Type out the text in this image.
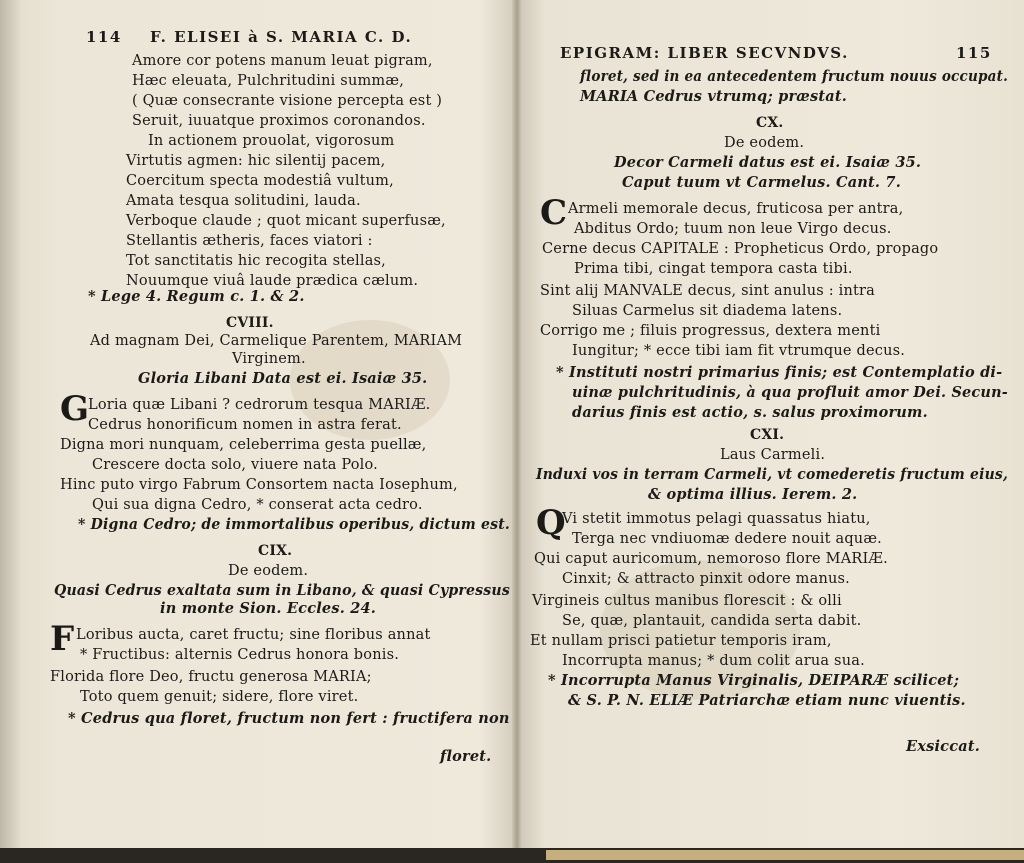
114 F. ELISEI à S. MARIA C. D.
Amore cor potens manum leuat pigram,
Hæc eleuata, Pulchritudini summæ,
( Quæ consecrante visione percepta est )
Seruit, iuuatque proximos coronandos.
In actionem prouolat, vigorosum
Virtutis agmen: hic silentij pacem,
Coercitum specta modestiâ vultum,
Amata tesqua solitudini, lauda.
Verboque claude ; quot micant superfusæ,
Stellantis ætheris, faces viatori :
Tot sanctitatis hic recogita stellas,
Nouumque viuâ laude prædica cælum.
* Lege 4. Regum c. 1. & 2.
CVIII.
Ad magnam Dei, Carmelique Parentem, MARIAM
Virginem.
Gloria Libani Data est ei. Isaiæ 35.
G
Loria quæ Libani ? cedrorum tesqua MARIÆ.
Cedrus honorificum nomen in astra ferat.
Digna mori nunquam, celeberrima gesta puellæ,
Crescere docta solo, viuere nata Polo.
Hinc puto virgo Fabrum Consortem nacta Iosephum,
Qui sua digna Cedro, * conserat acta cedro.
* Digna Cedro; de immortalibus operibus, dictum est.
CIX.
De eodem.
Quasi Cedrus exaltata sum in Libano, & quasi Cypressus
in monte Sion. Eccles. 24.
F Loribus aucta, caret fructu; sine floribus annat
* Fructibus: alternis Cedrus honora bonis.
Florida flore Deo, fructu generosa MARIA;
Toto quem genuit; sidere, flore viret.
* Cedrus qua floret, fructum non fert : fructifera non
floret.
EPIGRAM: LIBER SECVNDVS.	115
floret, sed in ea antecedentem fructum nouus occupat.
MARIA Cedrus vtrumq; præstat.
CX.
De eodem.
Decor Carmeli datus est ei. Isaiæ 35.
Caput tuum vt Carmelus. Cant. 7.
C Armeli memorale decus, fruticosa per antra,
Abditus Ordo; tuum non leue Virgo decus.
Cerne decus CAPITALE : Propheticus Ordo, propago
Prima tibi, cingat tempora casta tibi.
Sint alij MANVALE decus, sint anulus : intra
Siluas Carmelus sit diadema latens.
Corrigo me ; filuis progressus, dextera menti
Iungitur; * ecce tibi iam fit vtrumque decus.
* Instituti nostri primarius finis; est Contemplatio di-
uinæ pulchritudinis, à qua profluit amor Dei. Secun-
darius finis est actio, s. salus proximorum.
CXI.
Laus Carmeli.
Induxi vos in terram Carmeli, vt comederetis fructum eius,
& optima illius. Ierem. 2.
Q
Vi stetit immotus pelagi quassatus hiatu,
Terga nec vndiuomæ dedere nouit aquæ.
Qui caput auricomum, nemoroso flore MARIÆ.
Cinxit; & attracto pinxit odore manus.
Virgineis cultus manibus florescit : & olli
Se, quæ, plantauit, candida serta dabit.
Et nullam prisci patietur temporis iram,
Incorrupta manus; * dum colit arua sua.
* Incorrupta Manus Virginalis, DEIPARÆ scilicet;
& S. P. N. ELIÆ Patriarchæ etiam nunc viuentis.
Exsiccat.
